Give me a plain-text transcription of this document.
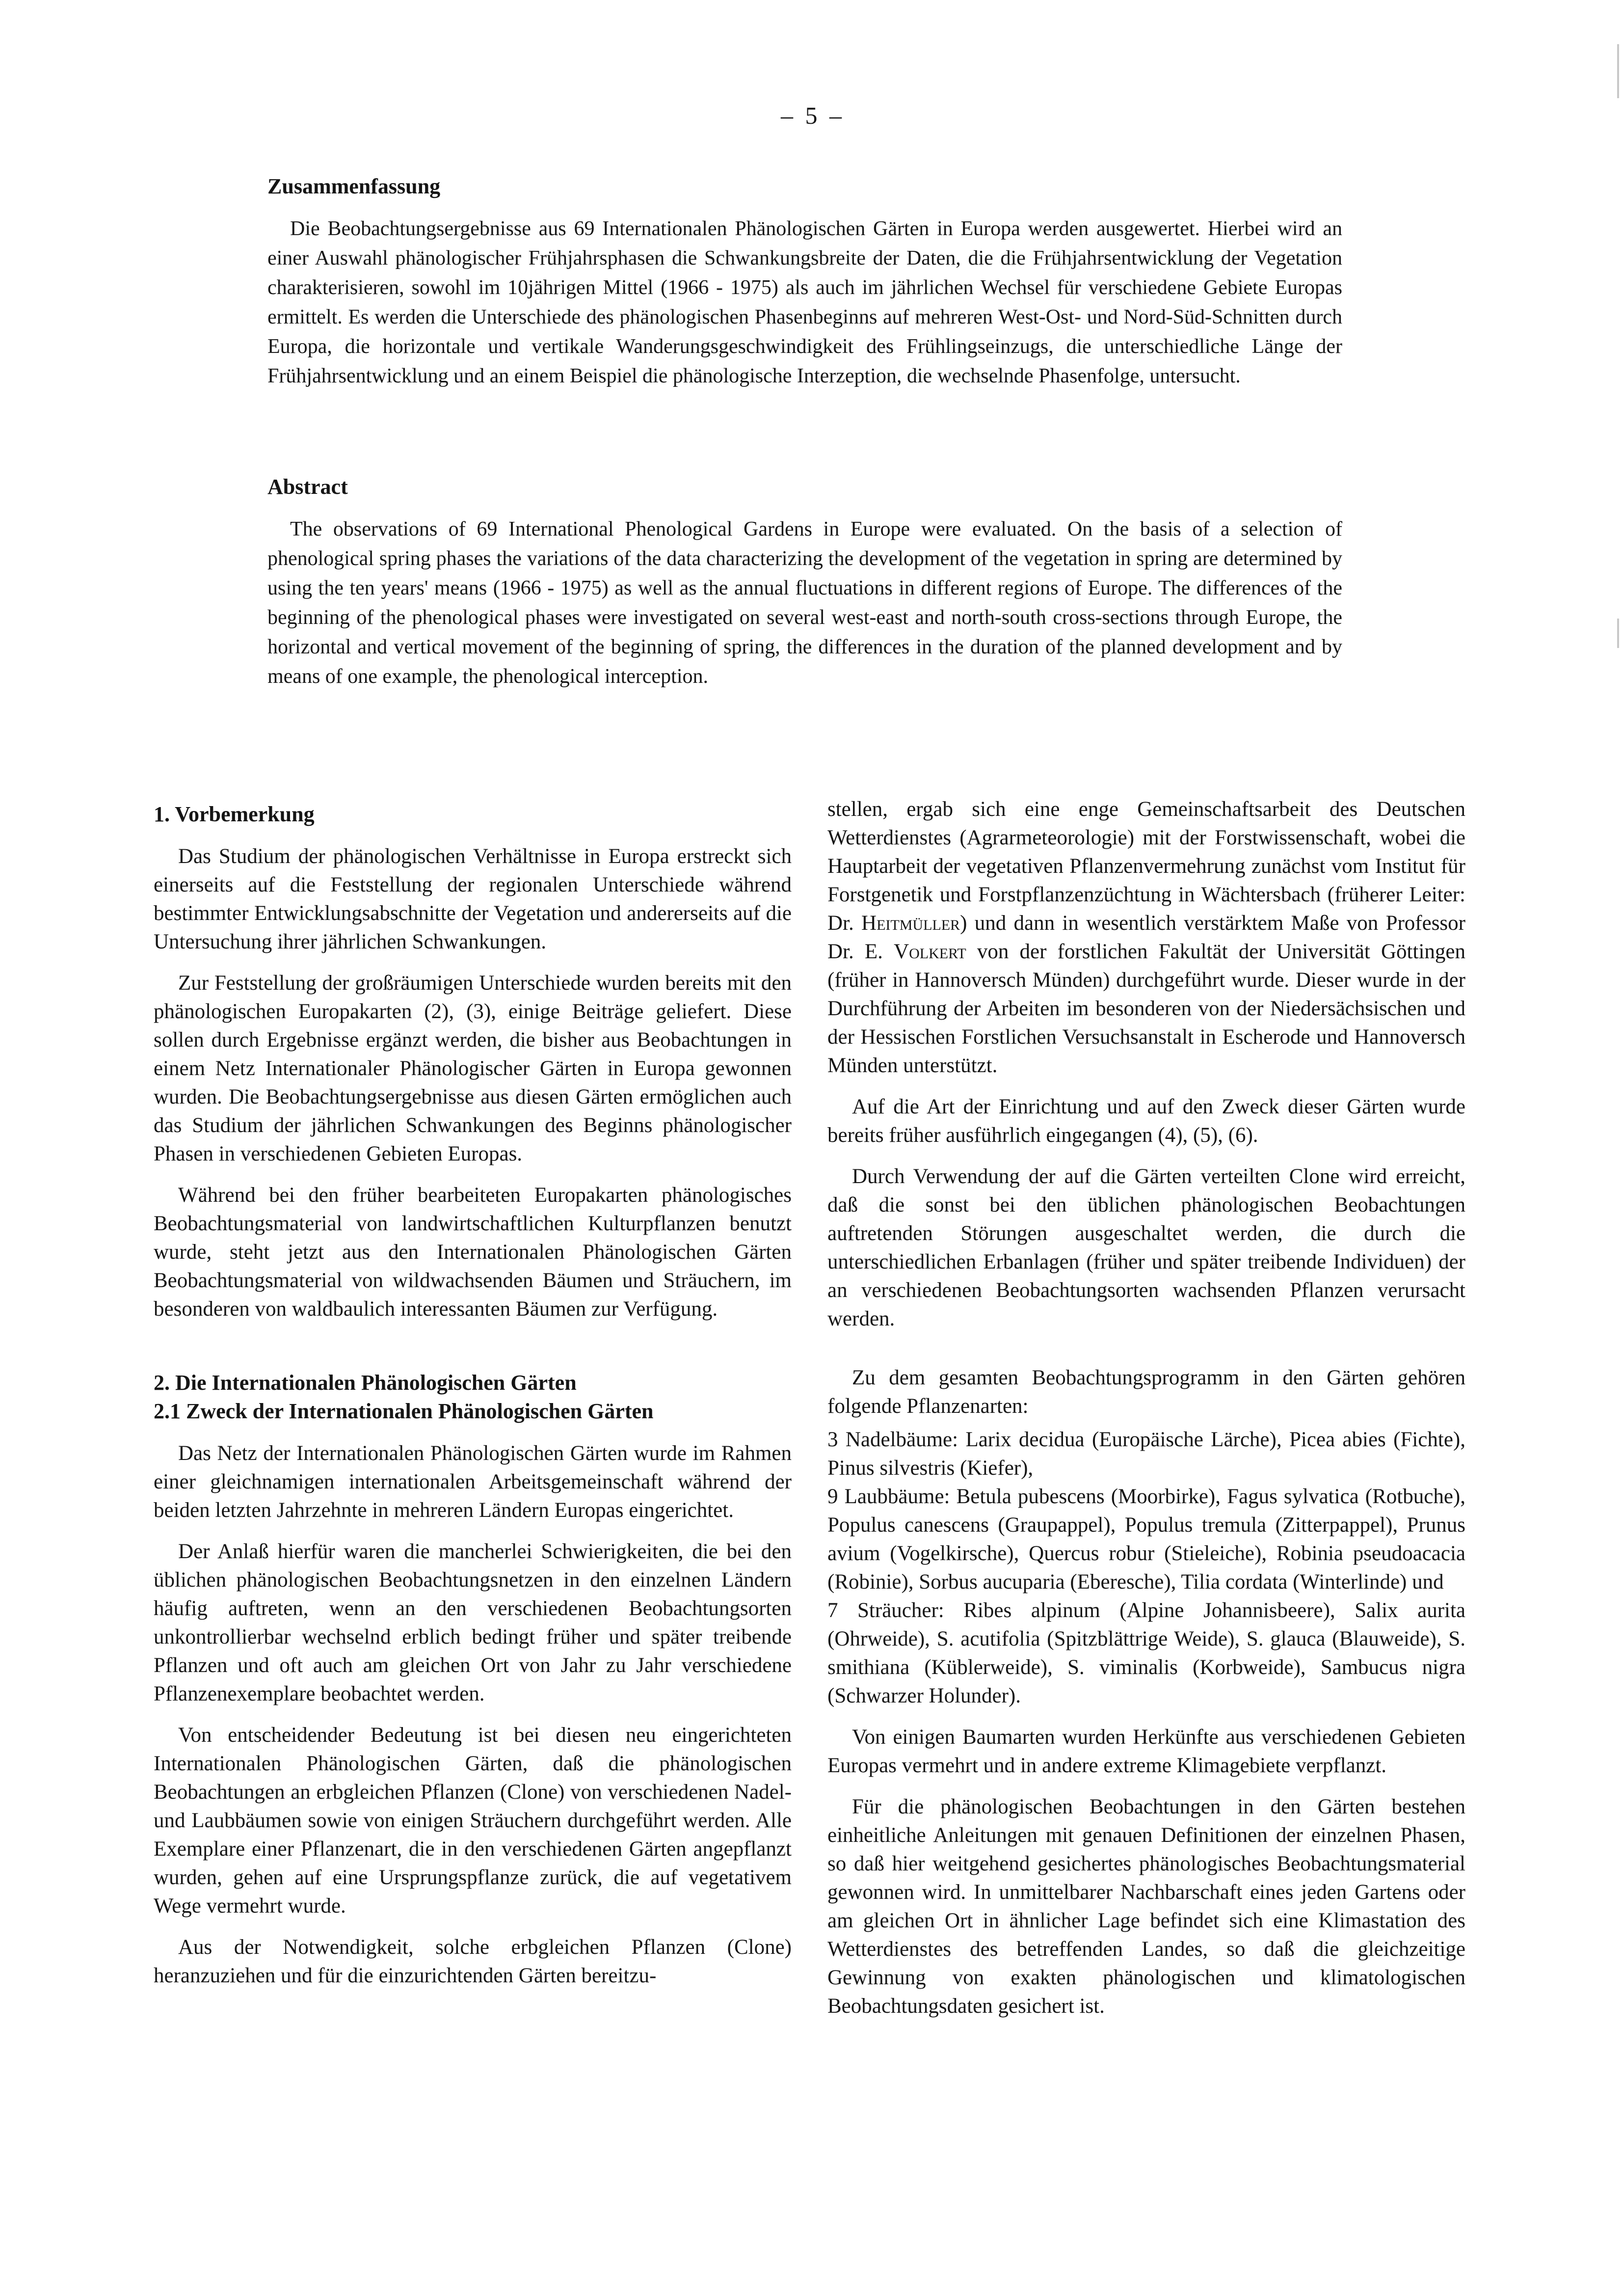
– 5 –
Zusammenfassung

Die Beobachtungsergebnisse aus 69 Internationalen Phänologischen Gärten in Europa werden ausgewertet. Hierbei wird an einer Auswahl phänologischer Frühjahrsphasen die Schwankungsbreite der Daten, die die Frühjahrsentwicklung der Vegetation charakterisieren, sowohl im 10jährigen Mittel (1966 - 1975) als auch im jährlichen Wechsel für verschiedene Gebiete Europas ermittelt. Es werden die Unterschiede des phänologischen Phasenbeginns auf mehreren West-Ost- und Nord-Süd-Schnitten durch Europa, die horizontale und vertikale Wanderungsgeschwindigkeit des Frühlingseinzugs, die unterschiedliche Länge der Frühjahrsentwicklung und an einem Beispiel die phänologische Interzeption, die wechselnde Phasenfolge, untersucht.

Abstract

The observations of 69 International Phenological Gardens in Europe were evaluated. On the basis of a selection of phenological spring phases the variations of the data characterizing the development of the vegetation in spring are determined by using the ten years' means (1966 - 1975) as well as the annual fluctuations in different regions of Europe. The differences of the beginning of the phenological phases were investigated on several west-east and north-south cross-sections through Europe, the horizontal and vertical movement of the beginning of spring, the differences in the duration of the planned development and by means of one example, the phenological interception.

1. Vorbemerkung

Das Studium der phänologischen Verhältnisse in Europa erstreckt sich einerseits auf die Feststellung der regionalen Unterschiede während bestimmter Entwicklungsabschnitte der Vegetation und andererseits auf die Untersuchung ihrer jährlichen Schwankungen.

Zur Feststellung der großräumigen Unterschiede wurden bereits mit den phänologischen Europakarten (2), (3), einige Beiträge geliefert. Diese sollen durch Ergebnisse ergänzt werden, die bisher aus Beobachtungen in einem Netz Internationaler Phänologischer Gärten in Europa gewonnen wurden. Die Beobachtungsergebnisse aus diesen Gärten ermöglichen auch das Studium der jährlichen Schwankungen des Beginns phänologischer Phasen in verschiedenen Gebieten Europas.

Während bei den früher bearbeiteten Europakarten phänologisches Beobachtungsmaterial von landwirtschaftlichen Kulturpflanzen benutzt wurde, steht jetzt aus den Internationalen Phänologischen Gärten Beobachtungsmaterial von wildwachsenden Bäumen und Sträuchern, im besonderen von waldbaulich interessanten Bäumen zur Verfügung.

2. Die Internationalen Phänologischen Gärten
2.1 Zweck der Internationalen Phänologischen Gärten

Das Netz der Internationalen Phänologischen Gärten wurde im Rahmen einer gleichnamigen internationalen Arbeitsgemeinschaft während der beiden letzten Jahrzehnte in mehreren Ländern Europas eingerichtet.

Der Anlaß hierfür waren die mancherlei Schwierigkeiten, die bei den üblichen phänologischen Beobachtungsnetzen in den einzelnen Ländern häufig auftreten, wenn an den verschiedenen Beobachtungsorten unkontrollierbar wechselnd erblich bedingt früher und später treibende Pflanzen und oft auch am gleichen Ort von Jahr zu Jahr verschiedene Pflanzenexemplare beobachtet werden.

Von entscheidender Bedeutung ist bei diesen neu eingerichteten Internationalen Phänologischen Gärten, daß die phänologischen Beobachtungen an erbgleichen Pflanzen (Clone) von verschiedenen Nadel- und Laubbäumen sowie von einigen Sträuchern durchgeführt werden. Alle Exemplare einer Pflanzenart, die in den verschiedenen Gärten angepflanzt wurden, gehen auf eine Ursprungspflanze zurück, die auf vegetativem Wege vermehrt wurde.

Aus der Notwendigkeit, solche erbgleichen Pflanzen (Clone) heranzuziehen und für die einzurichtenden Gärten bereitzu-

stellen, ergab sich eine enge Gemeinschaftsarbeit des Deutschen Wetterdienstes (Agrarmeteorologie) mit der Forstwissenschaft, wobei die Hauptarbeit der vegetativen Pflanzenvermehrung zunächst vom Institut für Forstgenetik und Forstpflanzenzüchtung in Wächtersbach (früherer Leiter: Dr. Heitmüller) und dann in wesentlich verstärktem Maße von Professor Dr. E. Volkert von der forstlichen Fakultät der Universität Göttingen (früher in Hannoversch Münden) durchgeführt wurde. Dieser wurde in der Durchführung der Arbeiten im besonderen von der Niedersächsischen und der Hessischen Forstlichen Versuchsanstalt in Escherode und Hannoversch Münden unterstützt.

Auf die Art der Einrichtung und auf den Zweck dieser Gärten wurde bereits früher ausführlich eingegangen (4), (5), (6).

Durch Verwendung der auf die Gärten verteilten Clone wird erreicht, daß die sonst bei den üblichen phänologischen Beobachtungen auftretenden Störungen ausgeschaltet werden, die durch die unterschiedlichen Erbanlagen (früher und später treibende Individuen) der an verschiedenen Beobachtungsorten wachsenden Pflanzen verursacht werden.

Zu dem gesamten Beobachtungsprogramm in den Gärten gehören folgende Pflanzenarten:

3 Nadelbäume: Larix decidua (Europäische Lärche), Picea abies (Fichte), Pinus silvestris (Kiefer),

9 Laubbäume: Betula pubescens (Moorbirke), Fagus sylvatica (Rotbuche), Populus canescens (Graupappel), Populus tremula (Zitterpappel), Prunus avium (Vogelkirsche), Quercus robur (Stieleiche), Robinia pseudoacacia (Robinie), Sorbus aucuparia (Eberesche), Tilia cordata (Winterlinde) und

7 Sträucher: Ribes alpinum (Alpine Johannisbeere), Salix aurita (Ohrweide), S. acutifolia (Spitzblättrige Weide), S. glauca (Blauweide), S. smithiana (Küblerweide), S. viminalis (Korbweide), Sambucus nigra (Schwarzer Holunder).

Von einigen Baumarten wurden Herkünfte aus verschiedenen Gebieten Europas vermehrt und in andere extreme Klimagebiete verpflanzt.

Für die phänologischen Beobachtungen in den Gärten bestehen einheitliche Anleitungen mit genauen Definitionen der einzelnen Phasen, so daß hier weitgehend gesichertes phänologisches Beobachtungsmaterial gewonnen wird. In unmittelbarer Nachbarschaft eines jeden Gartens oder am gleichen Ort in ähnlicher Lage befindet sich eine Klimastation des Wetterdienstes des betreffenden Landes, so daß die gleichzeitige Gewinnung von exakten phänologischen und klimatologischen Beobachtungsdaten gesichert ist.
